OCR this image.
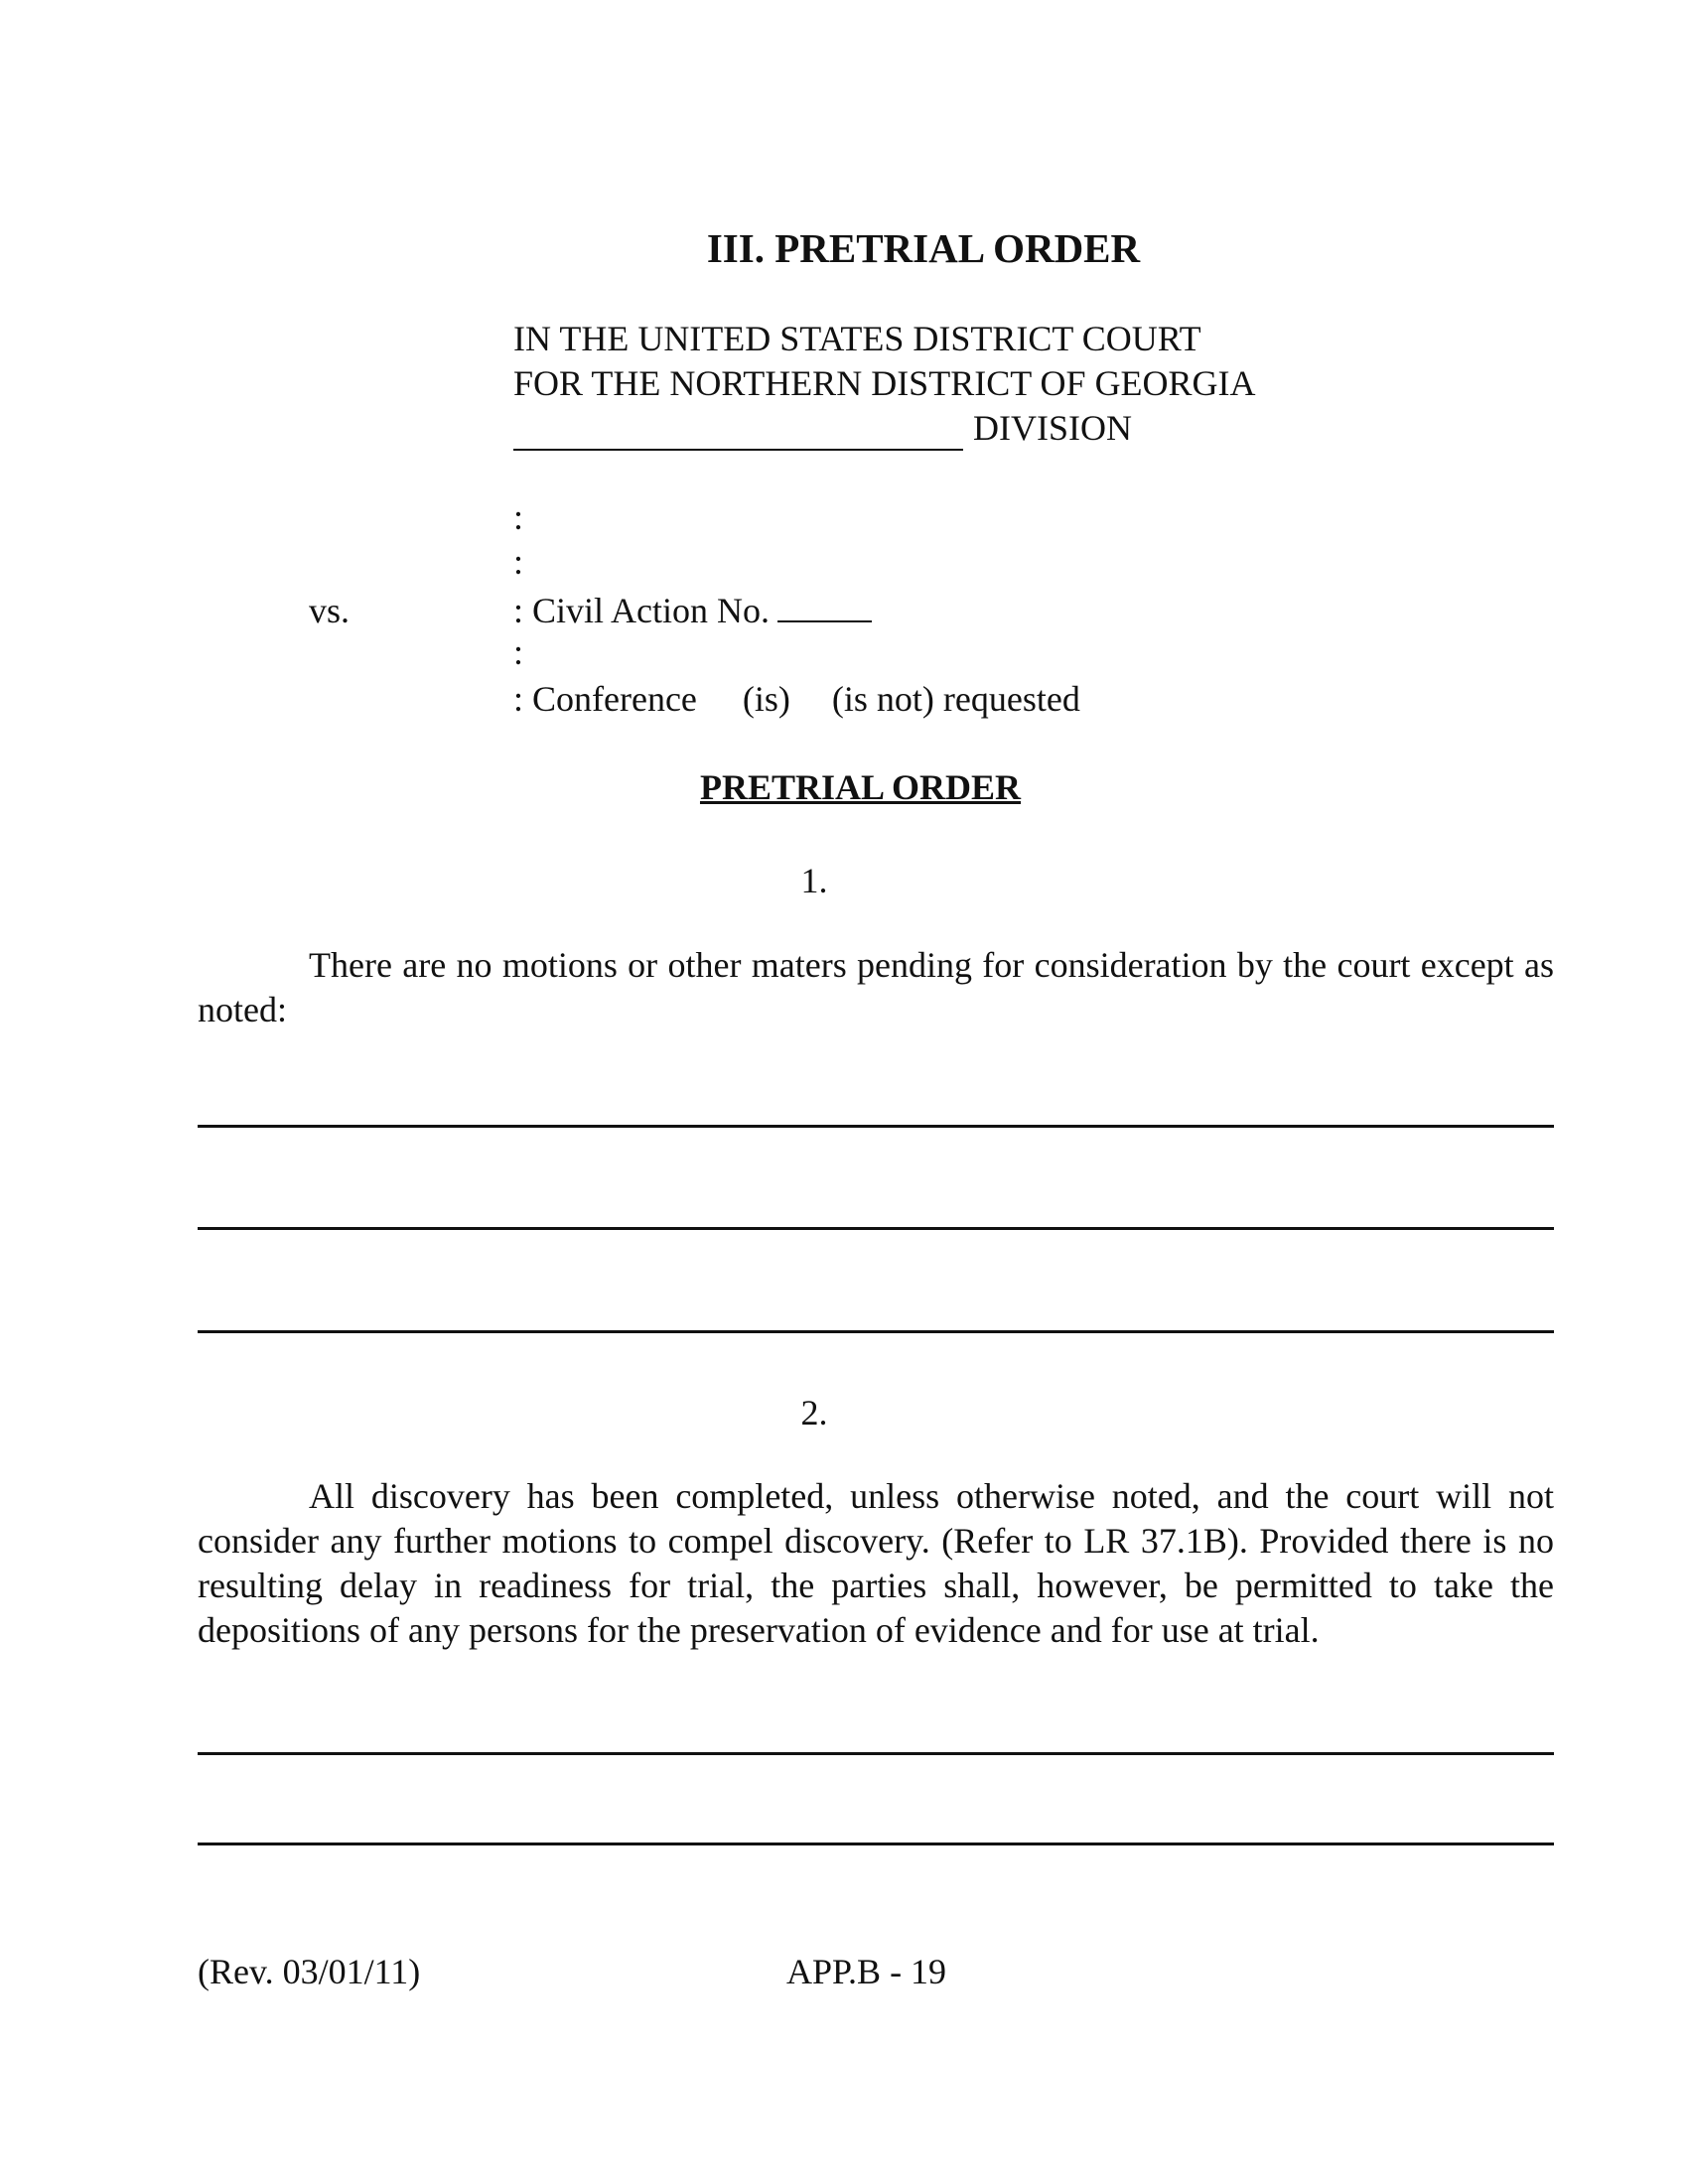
III. PRETRIAL ORDER
IN THE UNITED STATES DISTRICT COURT
FOR THE NORTHERN DISTRICT OF GEORGIA
DIVISION
:
:
vs.	: Civil Action No.
:
: Conference (is) (is not) requested
PRETRIAL ORDER
1.
There are no motions or other maters pending for consideration by the court except as noted:
2.
All discovery has been completed, unless otherwise noted, and the court will not consider any further motions to compel discovery. (Refer to LR 37.1B). Provided there is no resulting delay in readiness for trial, the parties shall, however, be permitted to take the depositions of any persons for the preservation of evidence and for use at trial.
(Rev. 03/01/11)	APP.B - 19
